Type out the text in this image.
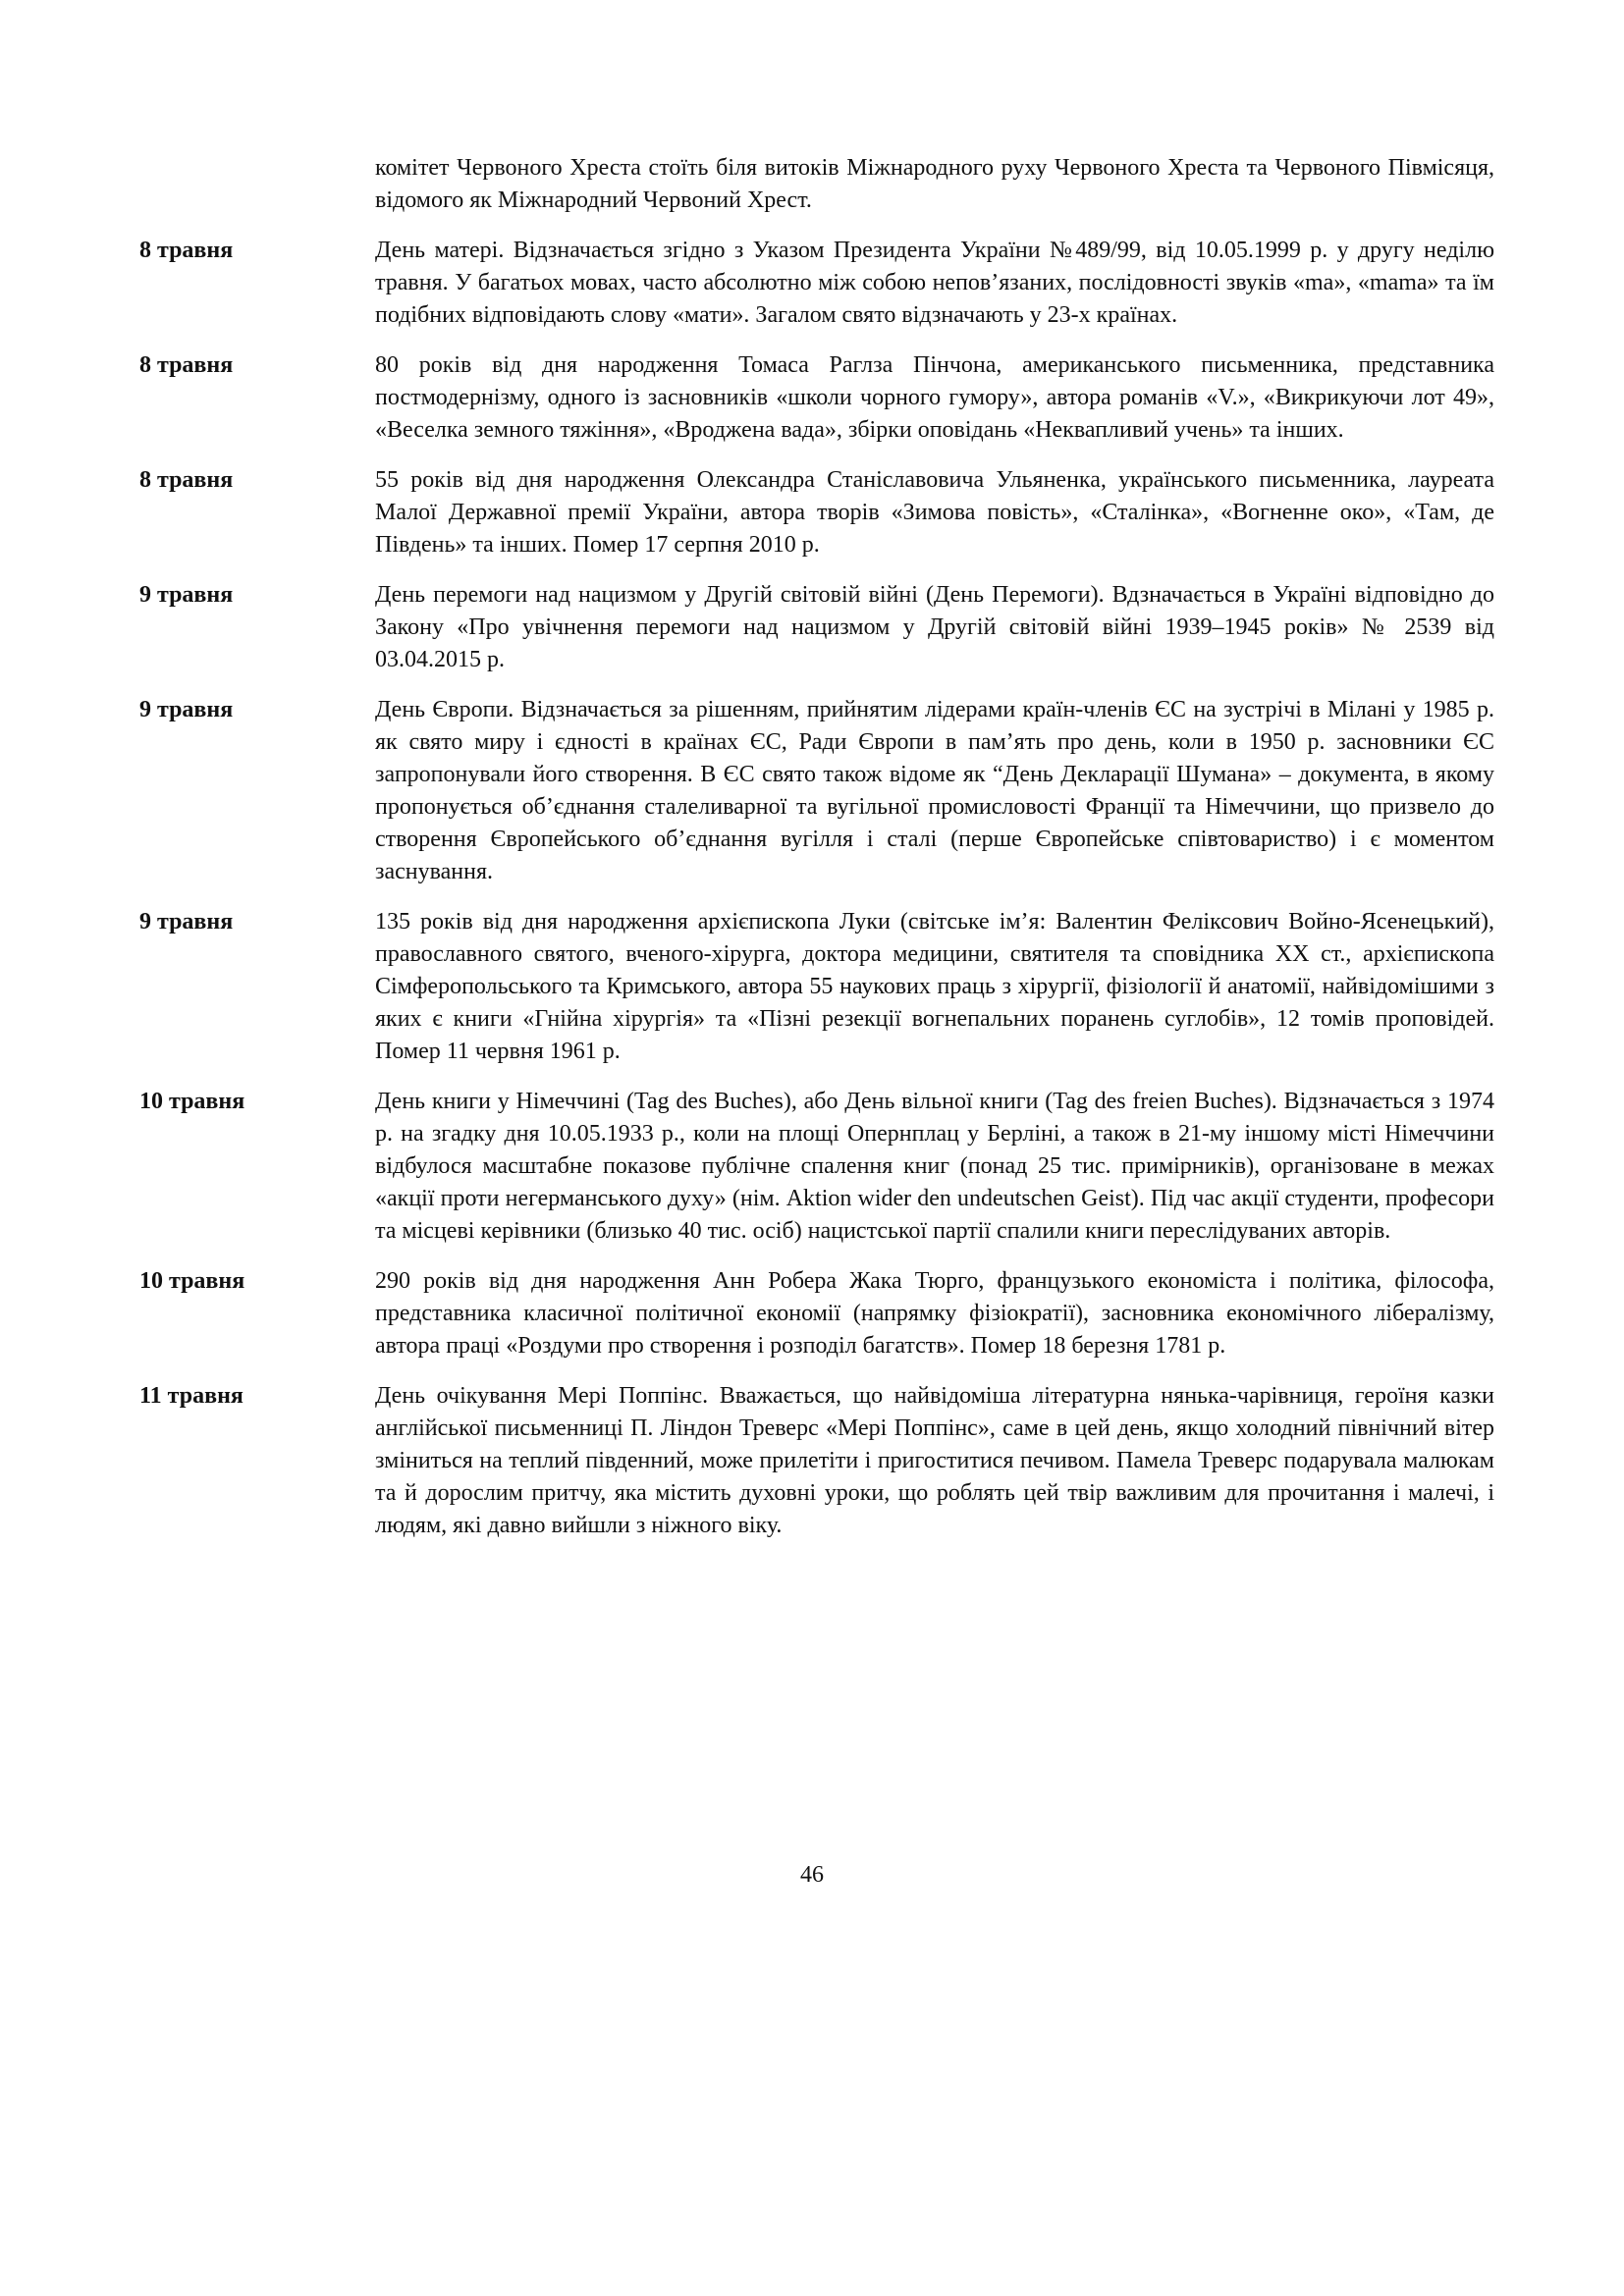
комітет Червоного Хреста стоїть біля витоків Міжнародного руху Червоного Хреста та Червоного Півмісяця, відомого як Міжнародний Червоний Хрест.
8 травня	День матері. Відзначається згідно з Указом Президента України №489/99, від 10.05.1999 р. у другу неділю травня. У багатьох мовах, часто абсолютно між собою непов’язаних, послідовності звуків «ma», «mama» та їм подібних відповідають слову «мати». Загалом свято відзначають у 23-х країнах.
8 травня	80 років від дня народження Томаса Раглза Пінчона, американського письменника, представника постмодернізму, одного із засновників «школи чорного гумору», автора романів «V.», «Викрикуючи лот 49», «Веселка земного тяжіння», «Вроджена вада», збірки оповідань «Неквапливий учень» та інших.
8 травня	55 років від дня народження Олександра Станіславовича Ульяненка, українського письменника, лауреата Малої Державної премії України, автора творів «Зимова повість», «Сталінка», «Вогненне око», «Там, де Південь» та інших. Помер 17 серпня 2010 р.
9 травня	День перемоги над нацизмом у Другій світовій війні (День Перемоги). Вдзначається в Україні відповідно до Закону «Про увічнення перемоги над нацизмом у Другій світовій війні 1939–1945 років» № 2539 від 03.04.2015 р.
9 травня	День Європи. Відзначається за рішенням, прийнятим лідерами країн-членів ЄС на зустрічі в Мілані у 1985 р. як свято миру і єдності в країнах ЄС, Ради Європи в пам’ять про день, коли в 1950 р. засновники ЄС запропонували його створення. В ЄС свято також відоме як “День Декларації Шумана» – документа, в якому пропонується об’єднання сталеливарної та вугільної промисловості Франції та Німеччини, що призвело до створення Європейського об’єднання вугілля і сталі (перше Європейське співтовариство) і є моментом заснування.
9 травня	135 років від дня народження архієпископа Луки (світське ім’я: Валентин Феліксович Войно-Ясенецький), православного святого, вченого-хірурга, доктора медицини, святителя та сповідника XX ст., архієпископа Сімферопольського та Кримського, автора 55 наукових праць з хірургії, фізіології й анатомії, найвідомішими з яких є книги «Гнійна хірургія» та «Пізні резекції вогнепальних поранень суглобів», 12 томів проповідей. Помер 11 червня 1961 р.
10 травня	День книги у Німеччині (Tag des Buches), або День вільної книги (Tag des freien Buches). Відзначається з 1974 р. на згадку дня 10.05.1933 р., коли на площі Опернплац у Берліні, а також в 21-му іншому місті Німеччини відбулося масштабне показове публічне спалення книг (понад 25 тис. примірників), організоване в межах «акції проти негерманського духу» (нім. Aktion wider den undeutschen Geist). Під час акції студенти, професори та місцеві керівники (близько 40 тис. осіб) нацистської партії спалили книги переслідуваних авторів.
10 травня	290 років від дня народження Анн Робера Жака Тюрго, французького економіста і політика, філософа, представника класичної політичної економії (напрямку фізіократії), засновника економічного лібералізму, автора праці «Роздуми про створення і розподіл багатств». Помер 18 березня 1781 р.
11 травня	День очікування Мері Поппінс. Вважається, що найвідоміша літературна нянька-чарівниця, героїня казки англійської письменниці П. Ліндон Треверс «Мері Поппінс», саме в цей день, якщо холодний північний вітер зміниться на теплий південний, може прилетіти і пригоститися печивом. Памела Треверс подарувала малюкам та й дорослим притчу, яка містить духовні уроки, що роблять цей твір важливим для прочитання і малечі, і людям, які давно вийшли з ніжного віку.
46
